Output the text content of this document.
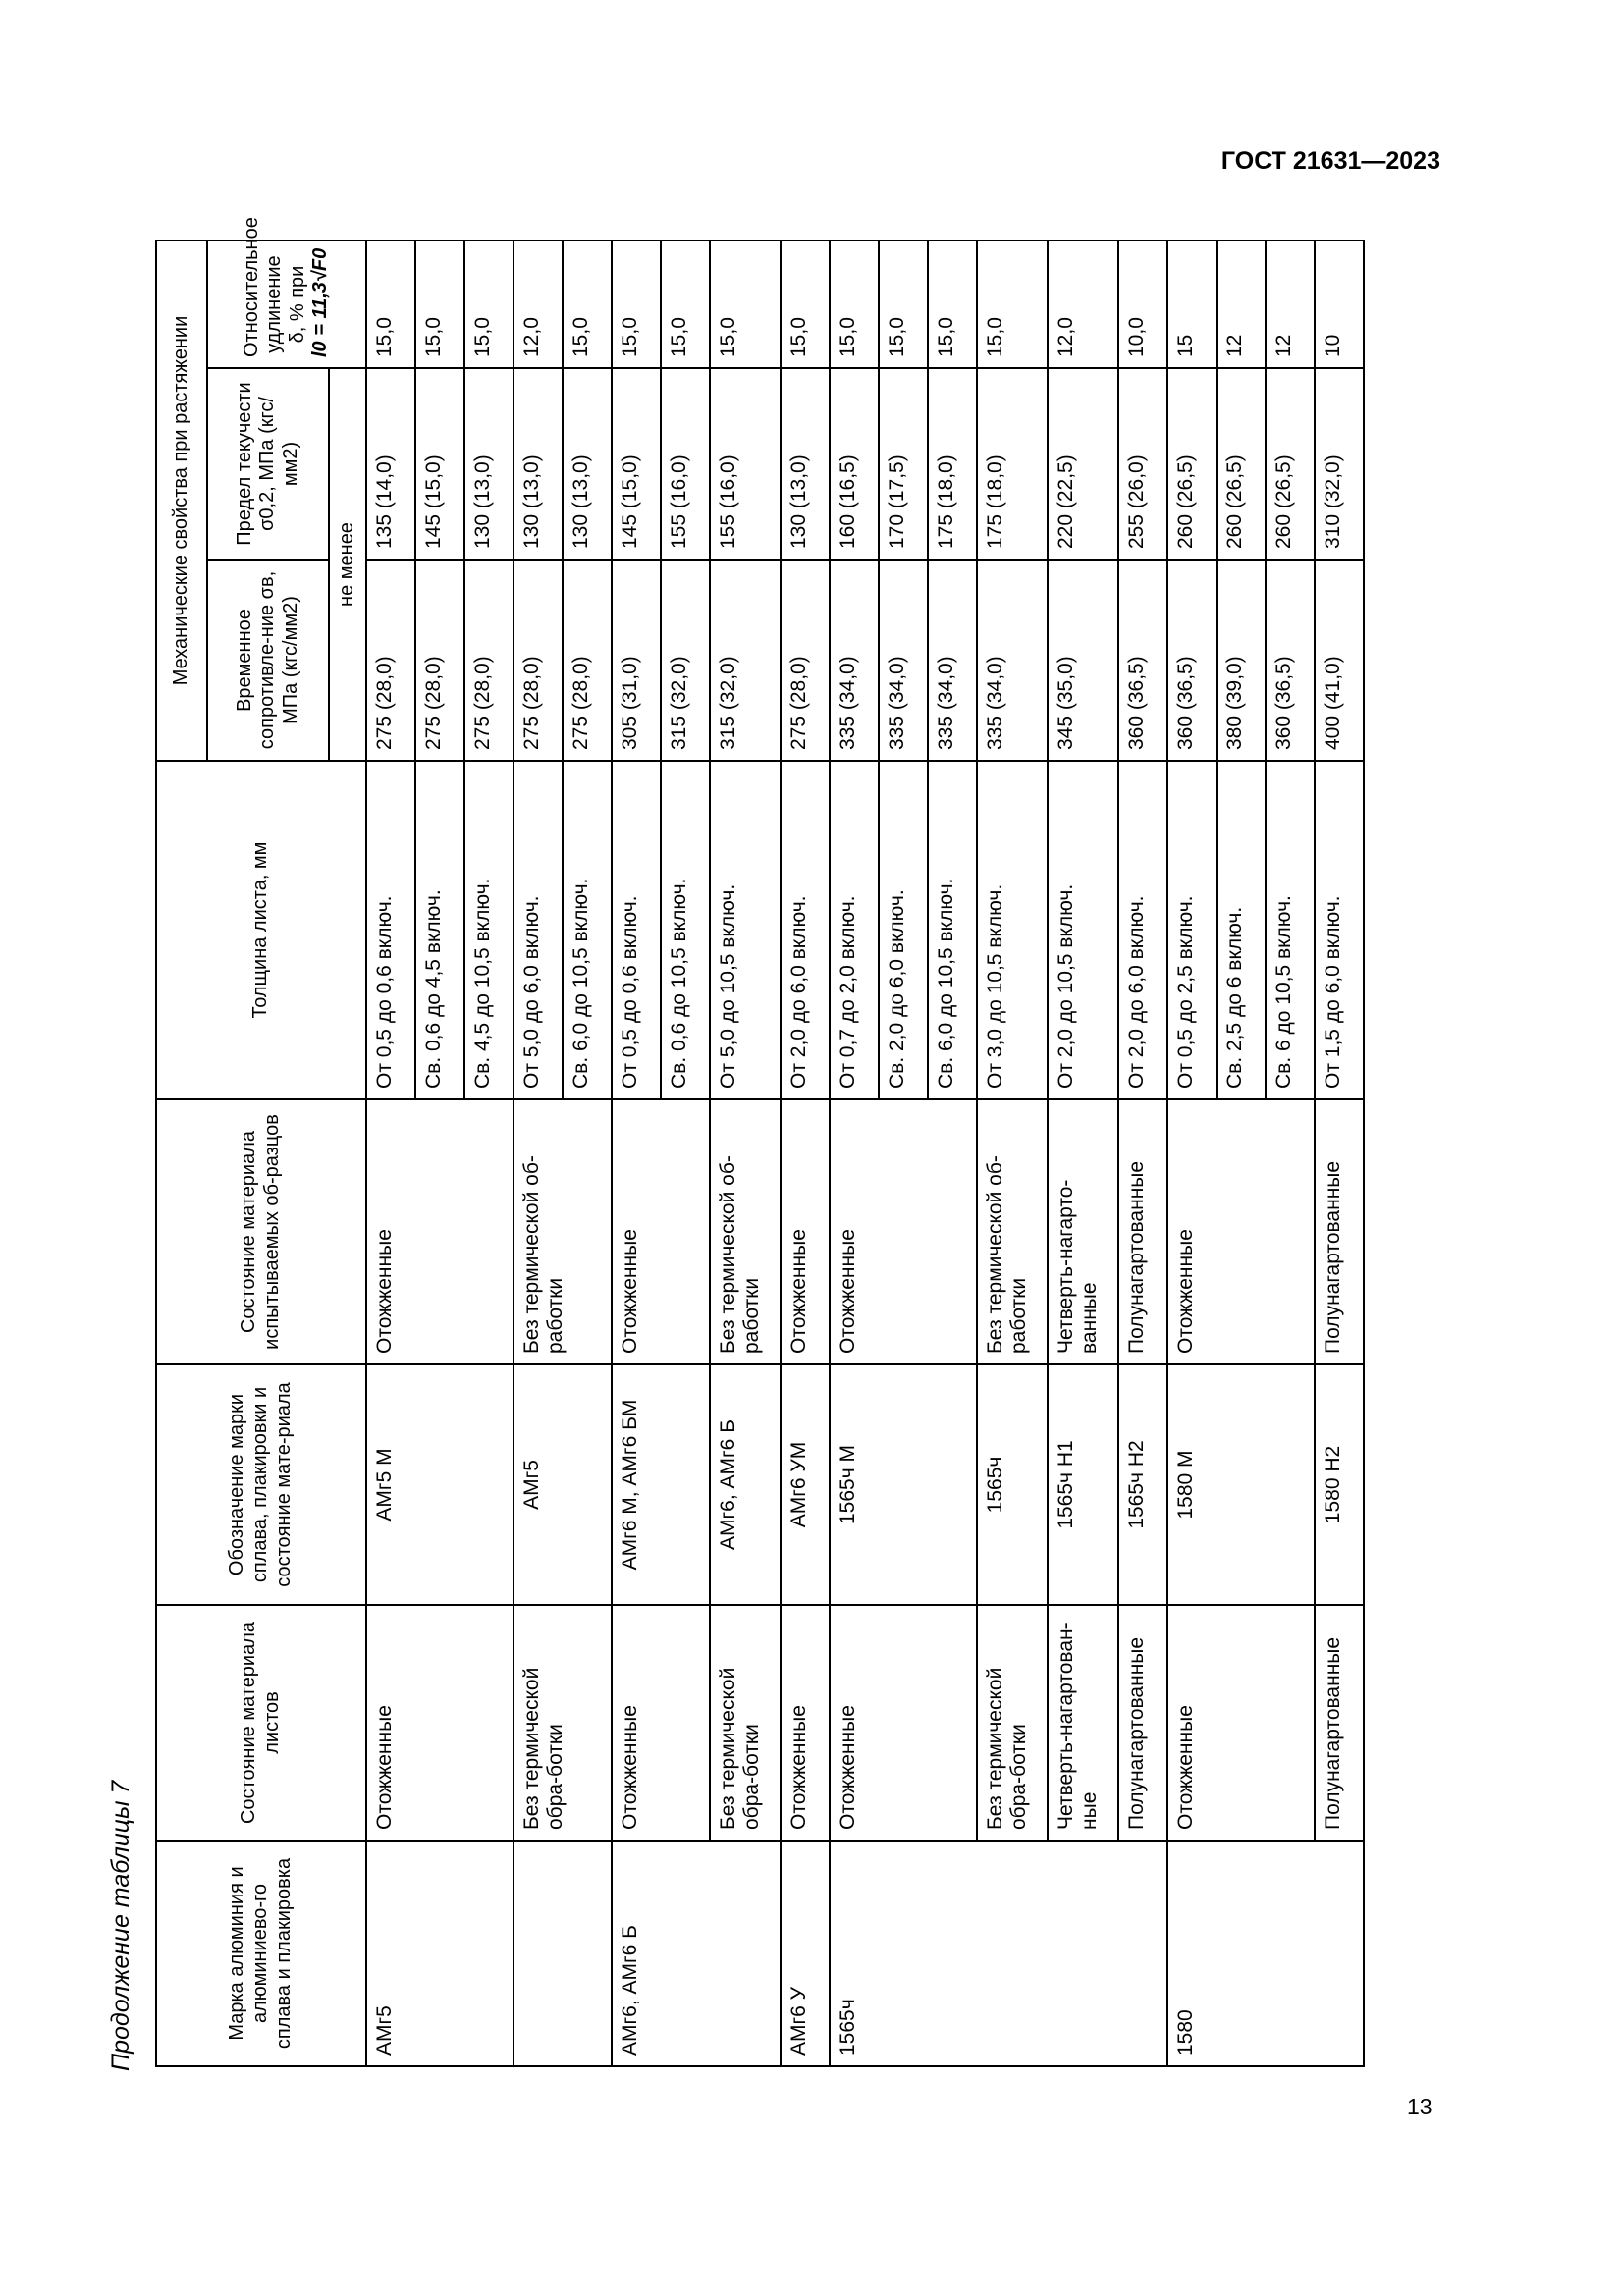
ГОСТ 21631—2023
Продолжение таблицы 7
13
Марка алюминия и алюминиево-го сплава и плакировка	Состояние материала листов	Обозначение марки сплава, плакировки и состояние мате-риала	Состояние материала испытываемых об-разцов	Толщина листа, мм	Механические свойства при растяжении		
					Временное сопротивле-ние σв, МПа (кгс/мм2)	Предел текучести σ0,2, МПа (кгс/мм2)	Относительное удлинение δ, % при l0 = 11,3√F0

					не менее		
АМг5	Отожженные	АМг5 М	Отожженные	От 0,5 до 0,6 включ.	275 (28,0)	135 (14,0)	15,0
				Св. 0,6 до 4,5 включ.	275 (28,0)	145 (15,0)	15,0
				Св. 4,5 до 10,5 включ.	275 (28,0)	130 (13,0)	15,0
	Без термической обра-ботки	АМг5	Без термической об-работки	От 5,0 до 6,0 включ.	275 (28,0)	130 (13,0)	12,0
				Св. 6,0 до 10,5 включ.	275 (28,0)	130 (13,0)	15,0
АМг6, АМг6 Б	Отожженные	АМг6 М, АМг6 БМ	Отожженные	От 0,5 до 0,6 включ.	305 (31,0)	145 (15,0)	15,0
				Св. 0,6 до 10,5 включ.	315 (32,0)	155 (16,0)	15,0
	Без термической обра-ботки	АМг6, АМг6 Б	Без термической об-работки	От 5,0 до 10,5 включ.	315 (32,0)	155 (16,0)	15,0
АМг6 У	Отожженные	АМг6 УМ	Отожженные	От 2,0 до 6,0 включ.	275 (28,0)	130 (13,0)	15,0
1565ч	Отожженные	1565ч М	Отожженные	От 0,7 до 2,0 включ.	335 (34,0)	160 (16,5)	15,0
				Св. 2,0 до 6,0 включ.	335 (34,0)	170 (17,5)	15,0
				Св. 6,0 до 10,5 включ.	335 (34,0)	175 (18,0)	15,0
	Без термической обра-ботки	1565ч	Без термической об-работки	От 3,0 до 10,5 включ.	335 (34,0)	175 (18,0)	15,0
	Четверть-нагартован-ные	1565ч Н1	Четверть-нагарто-ванные	От 2,0 до 10,5 включ.	345 (35,0)	220 (22,5)	12,0
	Полунагартованные	1565ч Н2	Полунагартованные	От 2,0 до 6,0 включ.	360 (36,5)	255 (26,0)	10,0
1580	Отожженные	1580 М	Отожженные	От 0,5 до 2,5 включ.	360 (36,5)	260 (26,5)	15
				Св. 2,5 до 6 включ.	380 (39,0)	260 (26,5)	12
				Св. 6 до 10,5 включ.	360 (36,5)	260 (26,5)	12
	Полунагартованные	1580 Н2	Полунагартованные	От 1,5 до 6,0 включ.	400 (41,0)	310 (32,0)	10
